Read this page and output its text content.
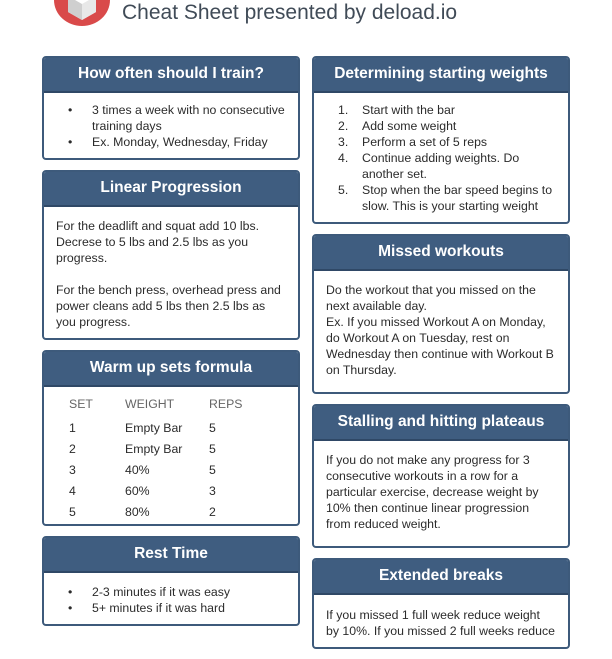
Cheat Sheet presented by deload.io
How often should I train?
• 3 times a week with no consecutive training days
• Ex. Monday, Wednesday, Friday
Linear Progression

For the deadlift and squat add 10 lbs. Decrese to 5 lbs and 2.5 lbs as you progress.

For the bench press, overhead press and power cleans add 5 lbs then 2.5 lbs as you progress.

Warm up sets formula
SET	WEIGHT	REPS
1	Empty Bar	5
2	Empty Bar	5
3	40%	5
4	60%	3
5	80%	2
Rest Time
• 2-3 minutes if it was easy
• 5+ minutes if it was hard
Determining starting weights
1. Start with the bar
2. Add some weight
3. Perform a set of 5 reps
4. Continue adding weights. Do another set.
5. Stop when the bar speed begins to slow. This is your starting weight
Missed workouts
Do the workout that you missed on the next available day.
Ex. If you missed Workout A on Monday, do Workout A on Tuesday, rest on Wednesday then continue with Workout B on Thursday.
Stalling and hitting plateaus
If you do not make any progress for 3 consecutive workouts in a row for a particular exercise, decrease weight by 10% then continue linear progression from reduced weight.
Extended breaks
If you missed 1 full week reduce weight by 10%. If you missed 2 full weeks reduce
